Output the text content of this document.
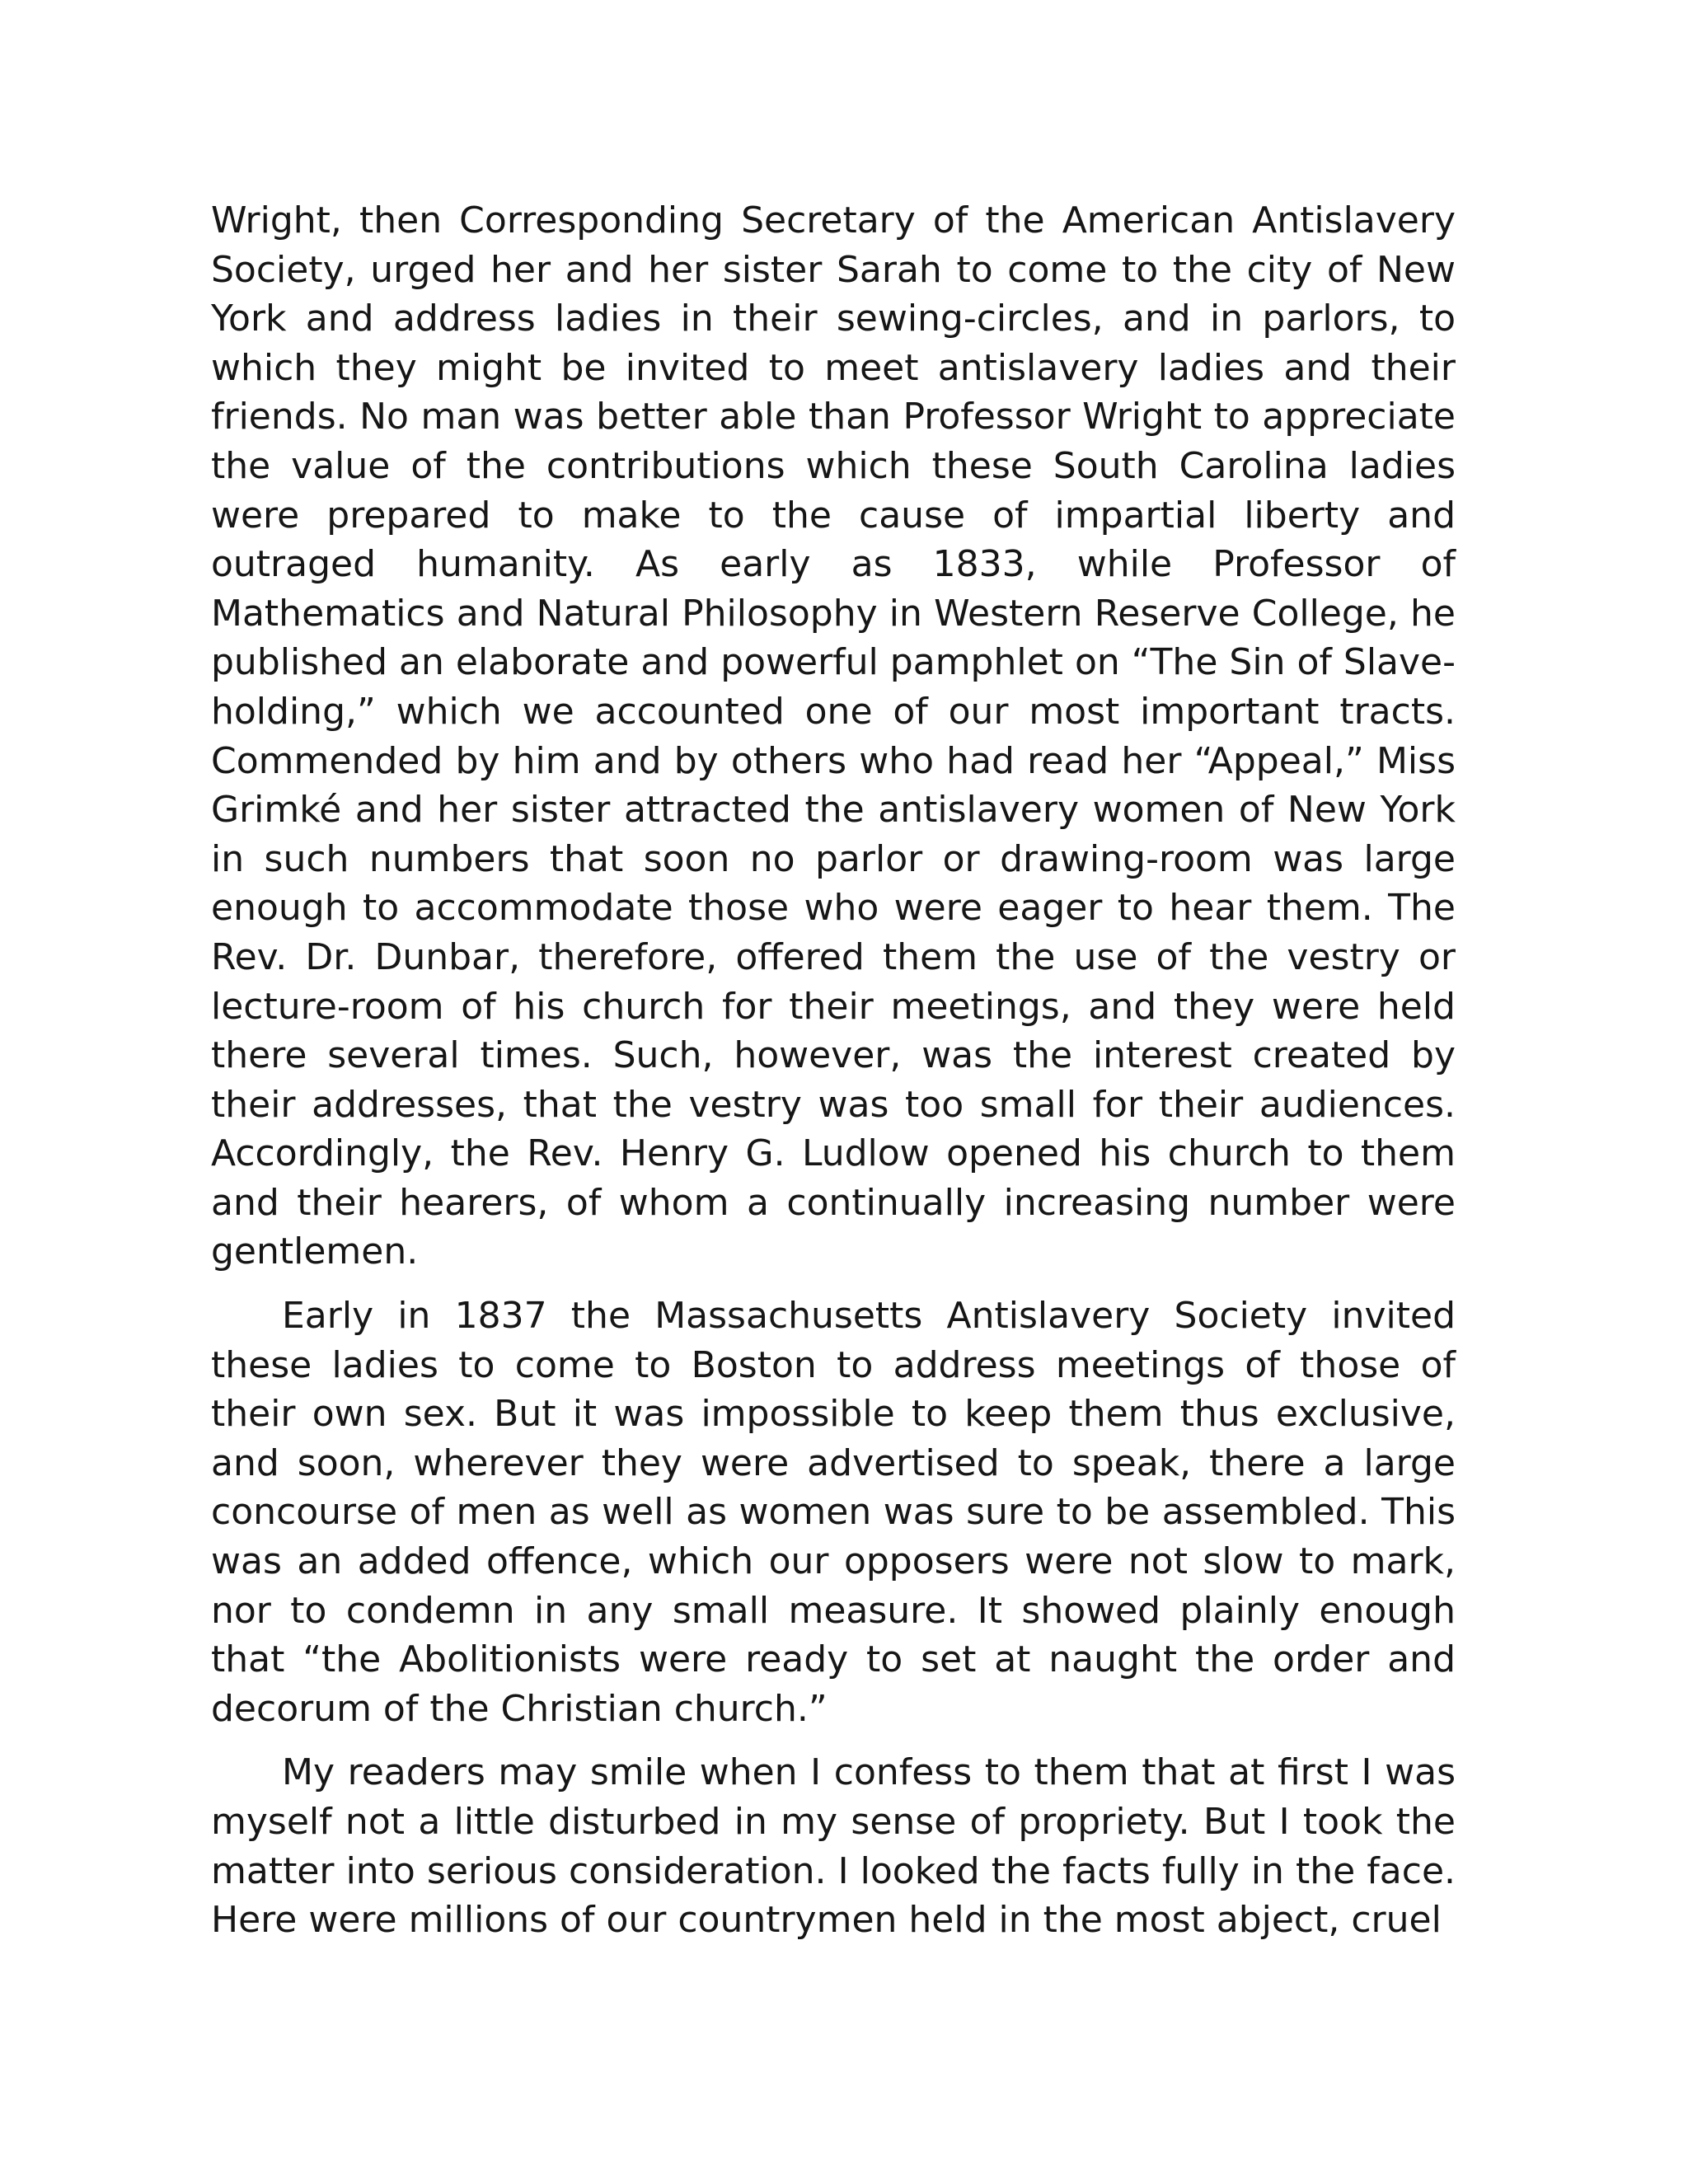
Wright, then Corresponding Secretary of the American Antislavery Society, urged her and her sister Sarah to come to the city of New York and address ladies in their sewing-circles, and in parlors, to which they might be invited to meet antislavery ladies and their friends. No man was better able than Professor Wright to appreciate the value of the contributions which these South Carolina ladies were prepared to make to the cause of impartial liberty and outraged humanity. As early as 1833, while Professor of Mathematics and Natural Philosophy in Western Reserve College, he published an elaborate and powerful pamphlet on “The Sin of Slave-holding,” which we accounted one of our most important tracts. Commended by him and by others who had read her “Appeal,” Miss Grimké and her sister attracted the antislavery women of New York in such numbers that soon no parlor or drawing-room was large enough to accommodate those who were eager to hear them. The Rev. Dr. Dunbar, therefore, offered them the use of the vestry or lecture-room of his church for their meetings, and they were held there several times. Such, however, was the interest created by their addresses, that the vestry was too small for their audiences. Accordingly, the Rev. Henry G. Ludlow opened his church to them and their hearers, of whom a continually increasing number were gentlemen.

Early in 1837 the Massachusetts Antislavery Society invited these ladies to come to Boston to address meetings of those of their own sex. But it was impossible to keep them thus exclusive, and soon, wherever they were advertised to speak, there a large concourse of men as well as women was sure to be assembled. This was an added offence, which our opposers were not slow to mark, nor to condemn in any small measure. It showed plainly enough that “the Abolitionists were ready to set at naught the order and decorum of the Christian church.”

My readers may smile when I confess to them that at first I was myself not a little disturbed in my sense of propriety. But I took the matter into serious consideration. I looked the facts fully in the face. Here were millions of our countrymen held in the most abject, cruel
